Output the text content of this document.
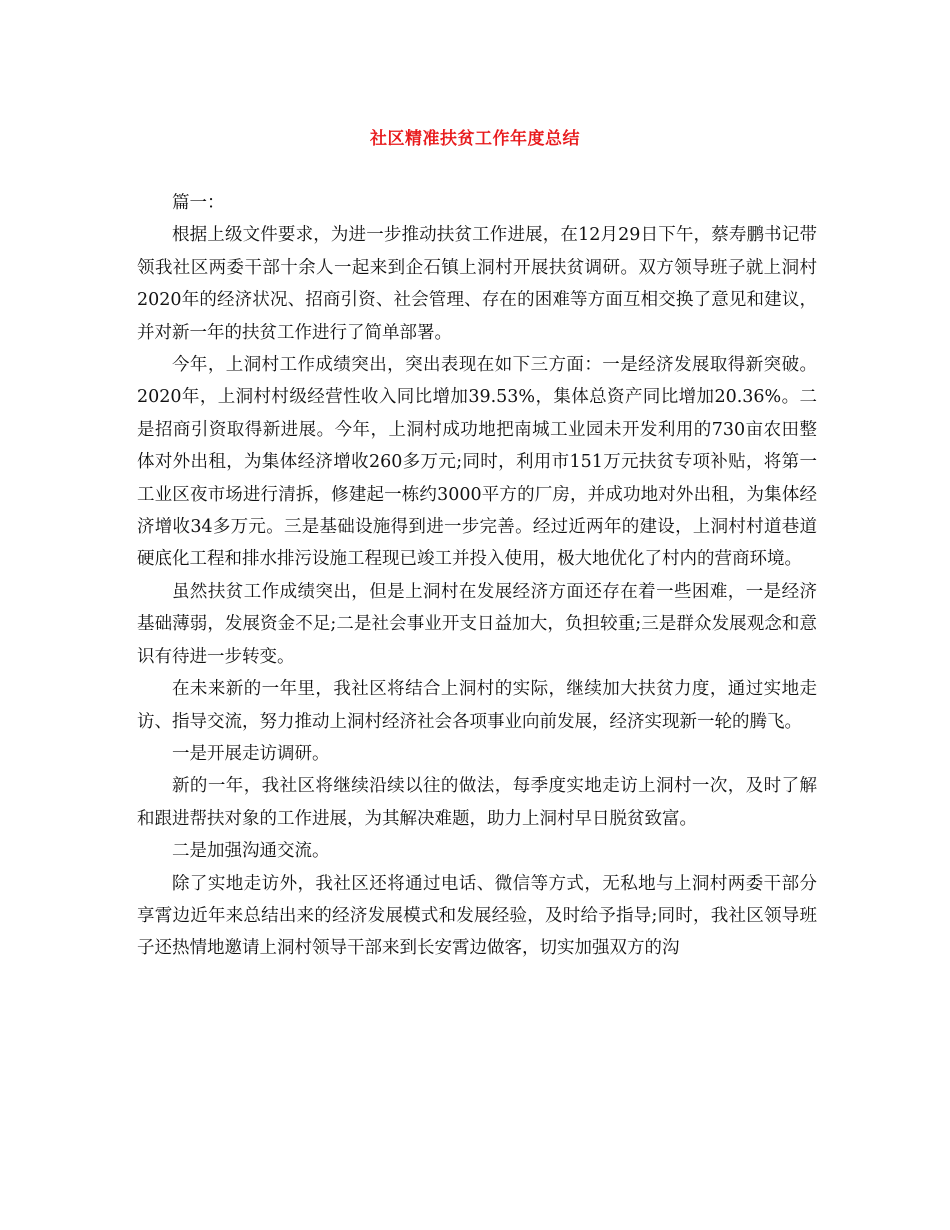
社区精准扶贫工作年度总结

篇一：

根据上级文件要求，为进一步推动扶贫工作进展，在12月29日下午，蔡寿鹏书记带领我社区两委干部十余人一起来到企石镇上洞村开展扶贫调研。双方领导班子就上洞村2020年的经济状况、招商引资、社会管理、存在的困难等方面互相交换了意见和建议，并对新一年的扶贫工作进行了简单部署。

今年，上洞村工作成绩突出，突出表现在如下三方面：一是经济发展取得新突破。2020年，上洞村村级经营性收入同比增加39.53%，集体总资产同比增加20.36%。二是招商引资取得新进展。今年，上洞村成功地把南城工业园未开发利用的730亩农田整体对外出租，为集体经济增收260多万元;同时，利用市151万元扶贫专项补贴，将第一工业区夜市场进行清拆，修建起一栋约3000平方的厂房，并成功地对外出租，为集体经济增收34多万元。三是基础设施得到进一步完善。经过近两年的建设，上洞村村道巷道硬底化工程和排水排污设施工程现已竣工并投入使用，极大地优化了村内的营商环境。

虽然扶贫工作成绩突出，但是上洞村在发展经济方面还存在着一些困难，一是经济基础薄弱，发展资金不足;二是社会事业开支日益加大，负担较重;三是群众发展观念和意识有待进一步转变。

在未来新的一年里，我社区将结合上洞村的实际，继续加大扶贫力度，通过实地走访、指导交流，努力推动上洞村经济社会各项事业向前发展，经济实现新一轮的腾飞。

一是开展走访调研。

新的一年，我社区将继续沿续以往的做法，每季度实地走访上洞村一次，及时了解和跟进帮扶对象的工作进展，为其解决难题，助力上洞村早日脱贫致富。

二是加强沟通交流。

除了实地走访外，我社区还将通过电话、微信等方式，无私地与上洞村两委干部分享霄边近年来总结出来的经济发展模式和发展经验，及时给予指导;同时，我社区领导班子还热情地邀请上洞村领导干部来到长安霄边做客，切实加强双方的沟
